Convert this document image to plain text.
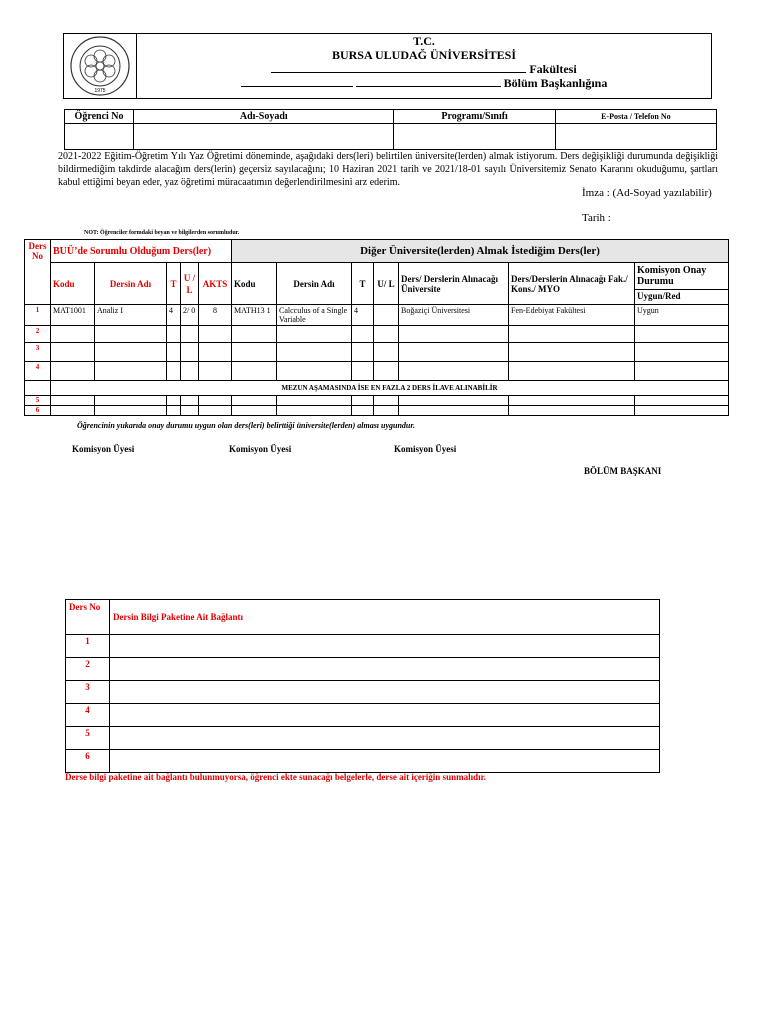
1975
T.C.
BURSA ULUDAĞ ÜNİVERSİTESİ
Fakültesi
Bölüm Başkanlığına
Öğrenci No	Adı-Soyadı	Programı/Sınıfı	E-Posta / Telefon No

2021-2022 Eğitim-Öğretim Yılı Yaz Öğretimi döneminde, aşağıdaki ders(leri) belirtilen üniversite(lerden) almak istiyorum. Ders değişikliği durumunda değişikliği bildirmediğim takdirde alacağım ders(lerin) geçersiz sayılacağını; 10 Haziran 2021 tarih ve 2021/18-01 sayılı Üniversitemiz Senato Kararını okuduğumu, şartları kabul ettiğimi beyan eder, yaz öğretimi müracaatımın değerlendirilmesini arz ederim.
İmza : (Ad-Soyad yazılabilir)
Tarih :
NOT: Öğrenciler formdaki beyan ve bilgilerden sorumludur.
Ders No	BUÜ’de Sorumlu Olduğum Ders(ler)					Diğer Üniversite(lerden) Almak İstediğim Ders(ler)						
	Kodu	Dersin Adı	T	U / L	AKTS	Kodu	Dersin Adı	T	U/ L	Ders/ Derslerin Alınacağı Üniversite	Ders/Derslerin Alınacağı Fak./ Kons./ MYO	Komisyon Onay Durumu
Uygun/Red

1	MAT1001	Analiz I	4	2/ 0	8	MATH13 1	Calcculus of a Single Variable	4		Boğaziçi Üniversitesi	Fen-Edebiyat Fakültesi	Uygun
2												
3												
4												
	MEZUN AŞAMASINDA İSE EN FAZLA 2 DERS İLAVE ALINABİLİR											
5												
6												
Öğrencinin yukarıda onay durumu uygun olan ders(leri) belirttiği üniversite(lerden) alması uygundur.
Komisyon Üyesi	Komisyon Üyesi	Komisyon Üyesi
BÖLÜM BAŞKANI
Ders No	Dersin Bilgi Paketine Ait Bağlantı
1	
2	
3	
4	
5	
6	
Derse bilgi paketine ait bağlantı bulunmuyorsa, öğrenci ekte sunacağı belgelerle, derse ait içeriğin sunmalıdır.
